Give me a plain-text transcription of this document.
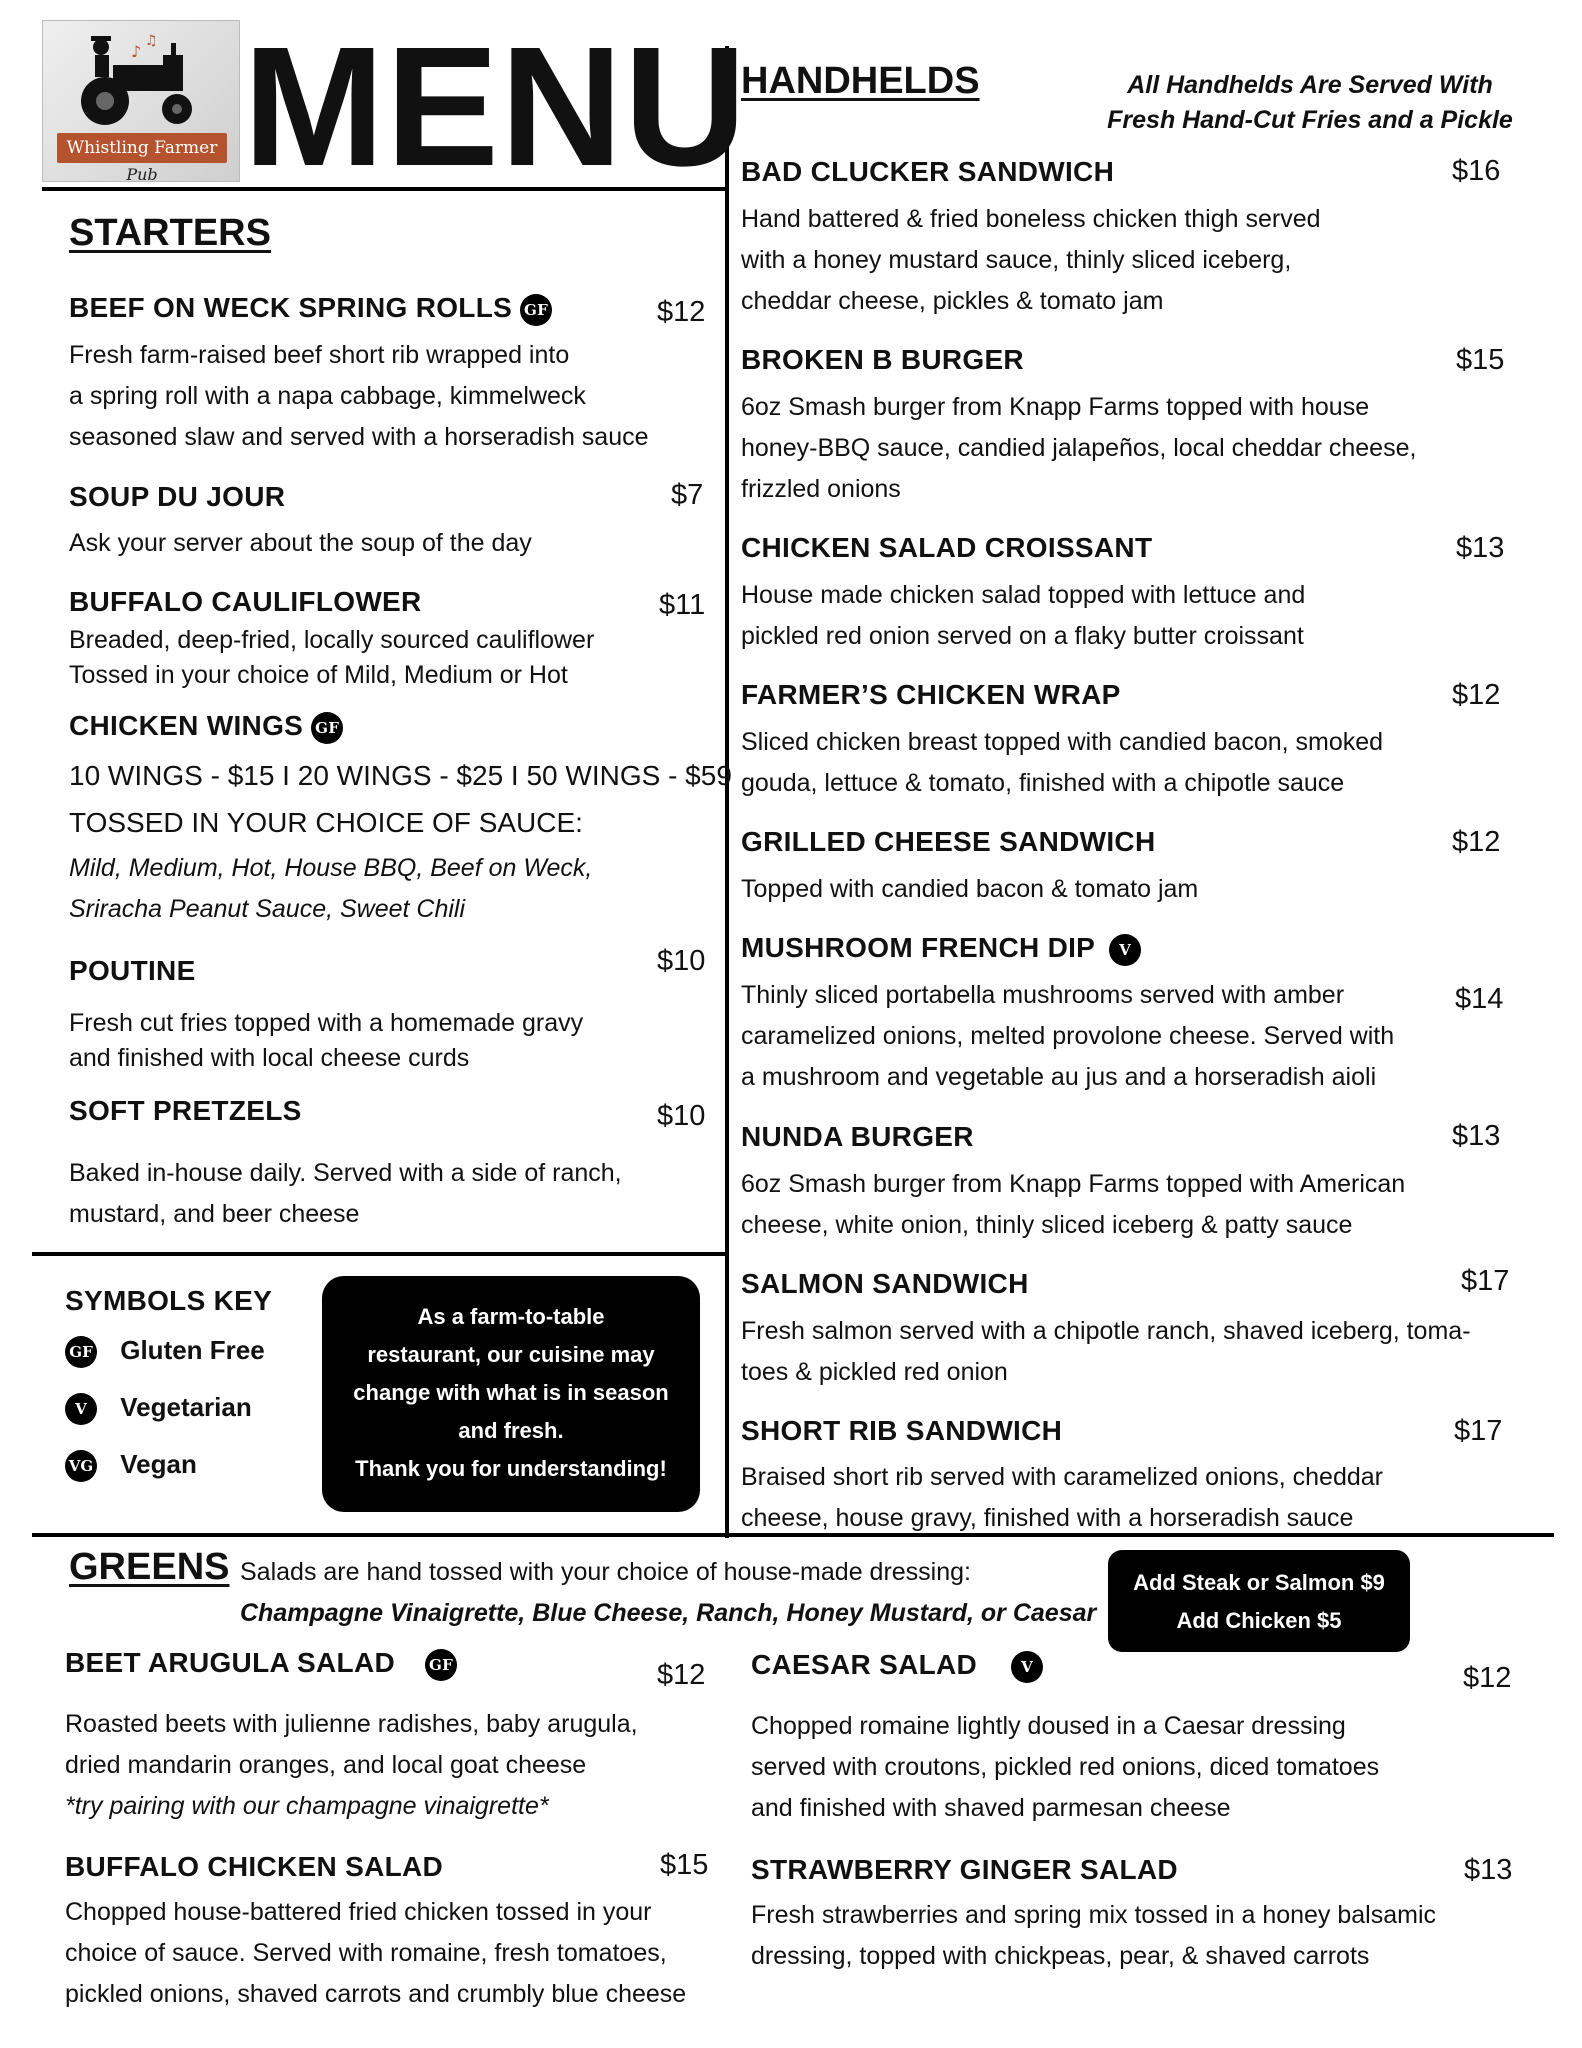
♪
♫
Whistling Farmer
Pub MENU
STARTERS
BEEF ON WECK SPRING ROLLS GF	$12
Fresh farm-raised beef short rib wrapped into
a spring roll with a napa cabbage, kimmelweck
seasoned slaw and served with a horseradish sauce
SOUP DU JOUR	$7
Ask your server about the soup of the day
BUFFALO CAULIFLOWER	$11
Breaded, deep-fried, locally sourced cauliflower
Tossed in your choice of Mild, Medium or Hot
CHICKEN WINGS GF
10 WINGS - $15 I 20 WINGS - $25 I 50 WINGS - $59
TOSSED IN YOUR CHOICE OF SAUCE:
Mild, Medium, Hot, House BBQ, Beef on Weck,
Sriracha Peanut Sauce, Sweet Chili
POUTINE	$10
Fresh cut fries topped with a homemade gravy
and finished with local cheese curds
SOFT PRETZELS	$10
Baked in-house daily. Served with a side of ranch,
mustard, and beer cheese
SYMBOLS KEY
GF Gluten Free
V Vegetarian
VG Vegan
As a farm-to-table
restaurant, our cuisine may
change with what is in season
and fresh.
Thank you for understanding!
HANDHELDS	All Handhelds Are Served With
Fresh Hand-Cut Fries and a Pickle
BAD CLUCKER SANDWICH	$16
Hand battered & fried boneless chicken thigh served
with a honey mustard sauce, thinly sliced iceberg,
cheddar cheese, pickles & tomato jam
BROKEN B BURGER	$15
6oz Smash burger from Knapp Farms topped with house
honey-BBQ sauce, candied jalapeños, local cheddar cheese,
frizzled onions
CHICKEN SALAD CROISSANT	$13
House made chicken salad topped with lettuce and
pickled red onion served on a flaky butter croissant
FARMER’S CHICKEN WRAP	$12
Sliced chicken breast topped with candied bacon, smoked
gouda, lettuce & tomato, finished with a chipotle sauce
GRILLED CHEESE SANDWICH	$12
Topped with candied bacon & tomato jam
MUSHROOM FRENCH DIP V
$14
Thinly sliced portabella mushrooms served with amber
caramelized onions, melted provolone cheese. Served with
a mushroom and vegetable au jus and a horseradish aioli
NUNDA BURGER	$13
6oz Smash burger from Knapp Farms topped with American
cheese, white onion, thinly sliced iceberg & patty sauce
SALMON SANDWICH	$17
Fresh salmon served with a chipotle ranch, shaved iceberg, toma-
toes & pickled red onion
SHORT RIB SANDWICH	$17
Braised short rib served with caramelized onions, cheddar
cheese, house gravy, finished with a horseradish sauce
GREENS Salads are hand tossed with your choice of house-made dressing:
Champagne Vinaigrette, Blue Cheese, Ranch, Honey Mustard, or Caesar
Add Steak or Salmon $9
Add Chicken $5
BEET ARUGULA SALAD GF	$12
Roasted beets with julienne radishes, baby arugula,
dried mandarin oranges, and local goat cheese
*try pairing with our champagne vinaigrette*
CAESAR SALAD	V	$12
Chopped romaine lightly doused in a Caesar dressing
served with croutons, pickled red onions, diced tomatoes
and finished with shaved parmesan cheese
BUFFALO CHICKEN SALAD	$15
Chopped house-battered fried chicken tossed in your
choice of sauce. Served with romaine, fresh tomatoes,
pickled onions, shaved carrots and crumbly blue cheese
STRAWBERRY GINGER SALAD	$13
Fresh strawberries and spring mix tossed in a honey balsamic
dressing, topped with chickpeas, pear, & shaved carrots
